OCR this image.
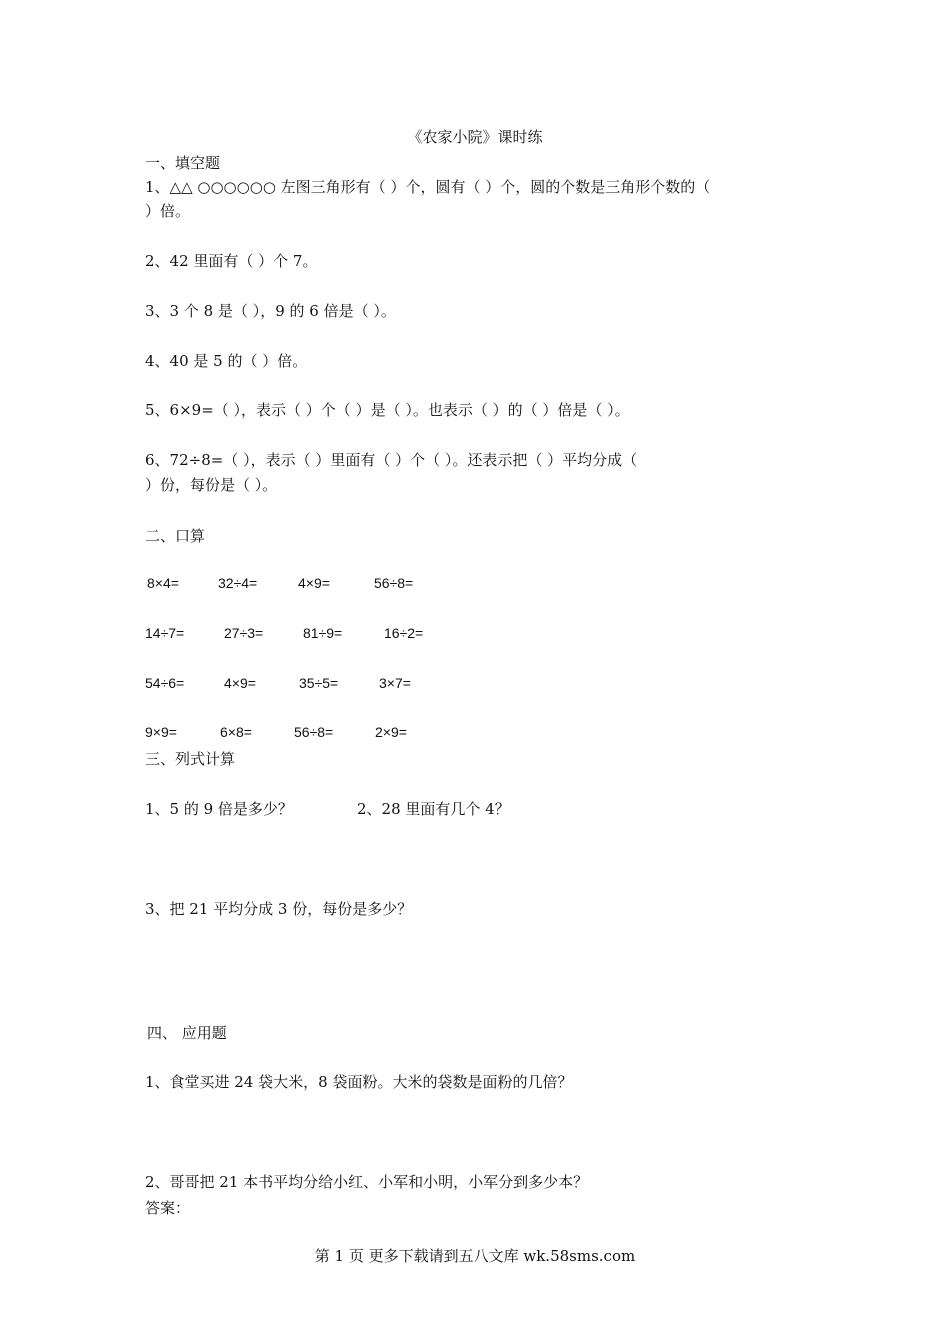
《农家小院》课时练
一、填空题
1、△△ ○○○○○○ 左图三角形有（ ）个，圆有（ ）个，圆的个数是三角形个数的（
）倍。
2、42 里面有（ ）个 7。
3、3 个 8 是（ ），9 的 6 倍是（ ）。
4、40 是 5 的（ ）倍。
5、6×9=（ ），表示（ ）个（ ）是（ ）。也表示（ ）的（ ）倍是（ ）。
6、72÷8=（ ），表示（ ）里面有（ ）个（ ）。还表示把（ ）平均分成（
）份，每份是（ ）。
二、口算
8×4=	32÷4=	4×9=	56÷8=
14÷7=	27÷3=	81÷9=	16÷2=
54÷6=	4×9=	35÷5=	3×7=
9×9=	6×8=	56÷8=	2×9=
三、列式计算
1、5 的 9 倍是多少？	2、28 里面有几个 4？
3、把 21 平均分成 3 份，每份是多少？
四、 应用题
1、食堂买进 24 袋大米，8 袋面粉。大米的袋数是面粉的几倍？
2、哥哥把 21 本书平均分给小红、小军和小明，小军分到多少本？
答案：
第 1 页 更多下载请到五八文库 wk.58sms.com
